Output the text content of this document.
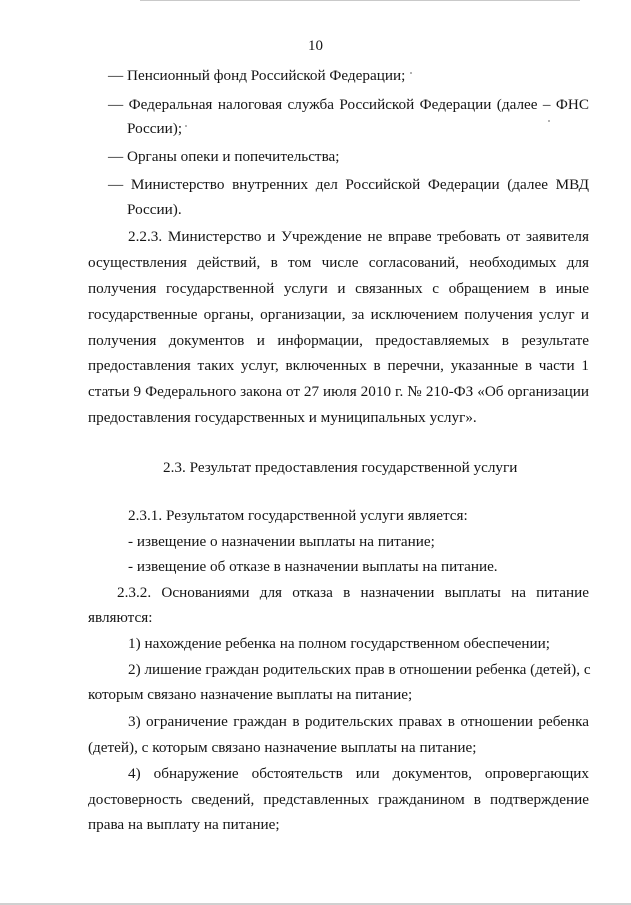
10
— Пенсионный фонд Российской Федерации;
— Федеральная налоговая служба Российской Федерации (далее – ФНС
России);
— Органы опеки и попечительства;
— Министерство внутренних дел Российской Федерации (далее МВД
России).
2.2.3. Министерство и Учреждение не вправе требовать от заявителя
осуществления действий, в том числе согласований, необходимых для
получения государственной услуги и связанных с обращением в иные
государственные органы, организации, за исключением получения услуг и
получения документов и информации, предоставляемых в результате
предоставления таких услуг, включенных в перечни, указанные в части 1
статьи 9 Федерального закона от 27 июля 2010 г. № 210-ФЗ «Об организации
предоставления государственных и муниципальных услуг».
2.3. Результат предоставления государственной услуги
2.3.1. Результатом государственной услуги является:
- извещение о назначении выплаты на питание;
- извещение об отказе в назначении выплаты на питание.
2.3.2. Основаниями для отказа в назначении выплаты на питание
являются:
1) нахождение ребенка на полном государственном обеспечении;
2) лишение граждан родительских прав в отношении ребенка (детей), с
которым связано назначение выплаты на питание;
3) ограничение граждан в родительских правах в отношении ребенка
(детей), с которым связано назначение выплаты на питание;
4) обнаружение обстоятельств или документов, опровергающих
достоверность сведений, представленных гражданином в подтверждение
права на выплату на питание;
